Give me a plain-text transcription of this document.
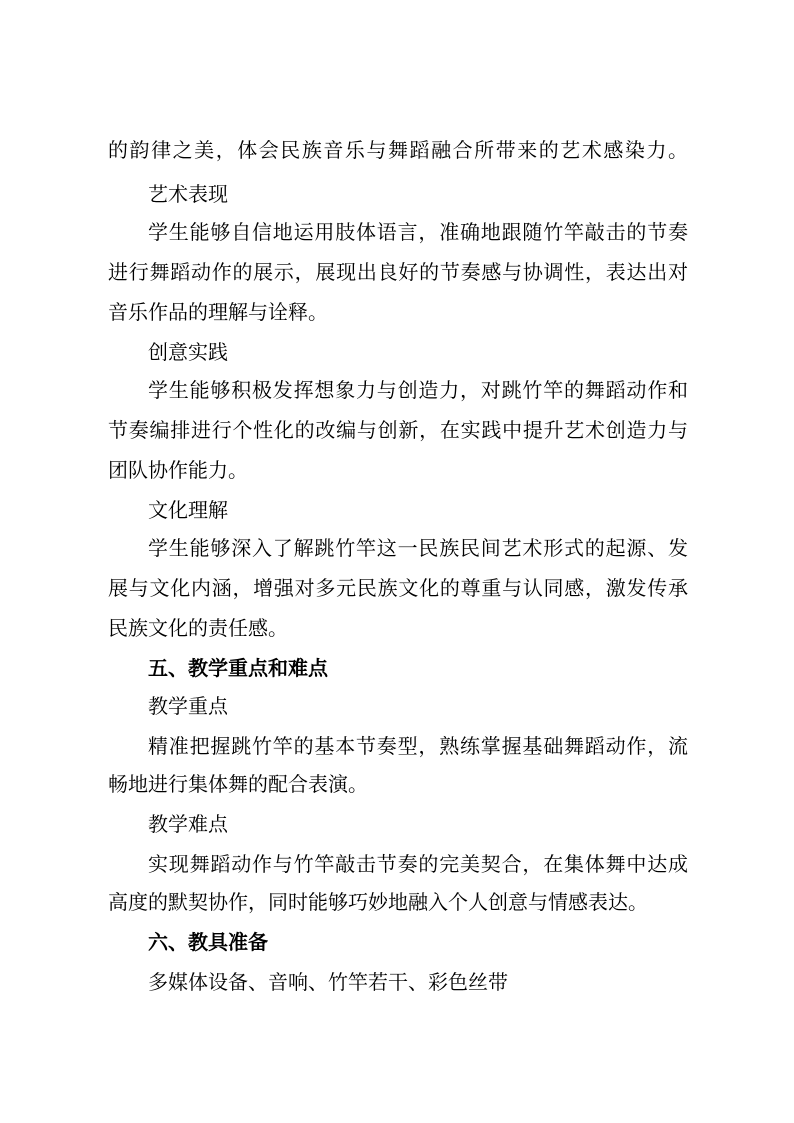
的韵律之美，体会民族音乐与舞蹈融合所带来的艺术感染力。
艺术表现
学生能够自信地运用肢体语言，准确地跟随竹竿敲击的节奏
进行舞蹈动作的展示，展现出良好的节奏感与协调性，表达出对
音乐作品的理解与诠释。
创意实践
学生能够积极发挥想象力与创造力，对跳竹竿的舞蹈动作和
节奏编排进行个性化的改编与创新，在实践中提升艺术创造力与
团队协作能力。
文化理解
学生能够深入了解跳竹竿这一民族民间艺术形式的起源、发
展与文化内涵，增强对多元民族文化的尊重与认同感，激发传承
民族文化的责任感。
五、教学重点和难点
教学重点
精准把握跳竹竿的基本节奏型，熟练掌握基础舞蹈动作，流
畅地进行集体舞的配合表演。
教学难点
实现舞蹈动作与竹竿敲击节奏的完美契合，在集体舞中达成
高度的默契协作，同时能够巧妙地融入个人创意与情感表达。
六、教具准备
多媒体设备、音响、竹竿若干、彩色丝带
